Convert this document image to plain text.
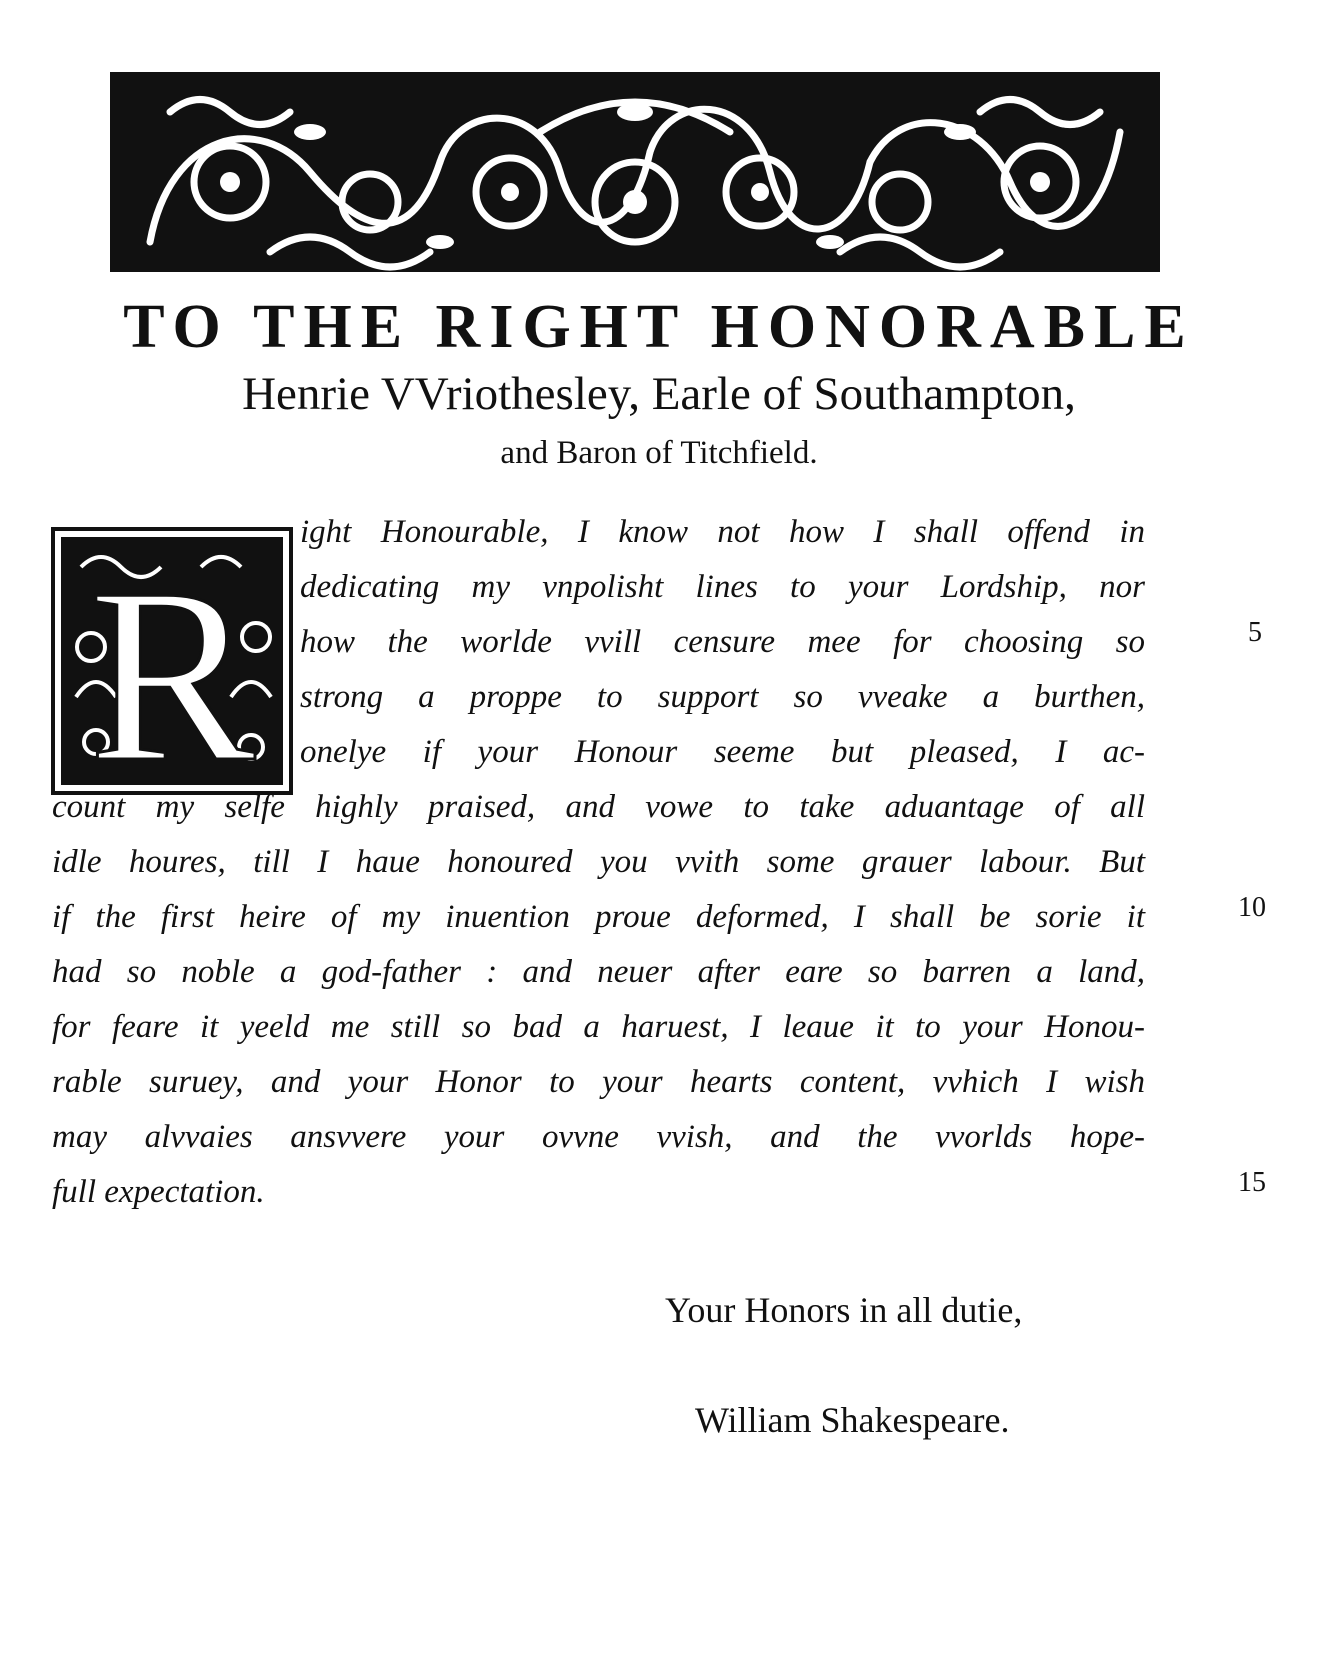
TO THE RIGHT HONORABLE
Henrie VVriothesley, Earle of Southampton,
and Baron of Titchfield.
R

ight Honourable, I know not how I shall offend in

dedicating my vnpolisht lines to your Lordship, nor

how the worlde vvill censure mee for choosing so

strong a proppe to support so vveake a burthen,

onelye if your Honour seeme but pleased, I ac-

count my selfe highly praised, and vowe to take aduantage of all

idle houres, till I haue honoured you vvith some grauer labour. But

if the first heire of my inuention proue deformed, I shall be sorie it

had so noble a god-father : and neuer after eare so barren a land,

for feare it yeeld me still so bad a haruest, I leaue it to your Honou-

rable suruey, and your Honor to your hearts content, vvhich I wish

may alvvaies ansvvere your ovvne vvish, and the vvorlds hope-

full expectation.

5

10

15

Your Honors in all dutie,

William Shakespeare.
